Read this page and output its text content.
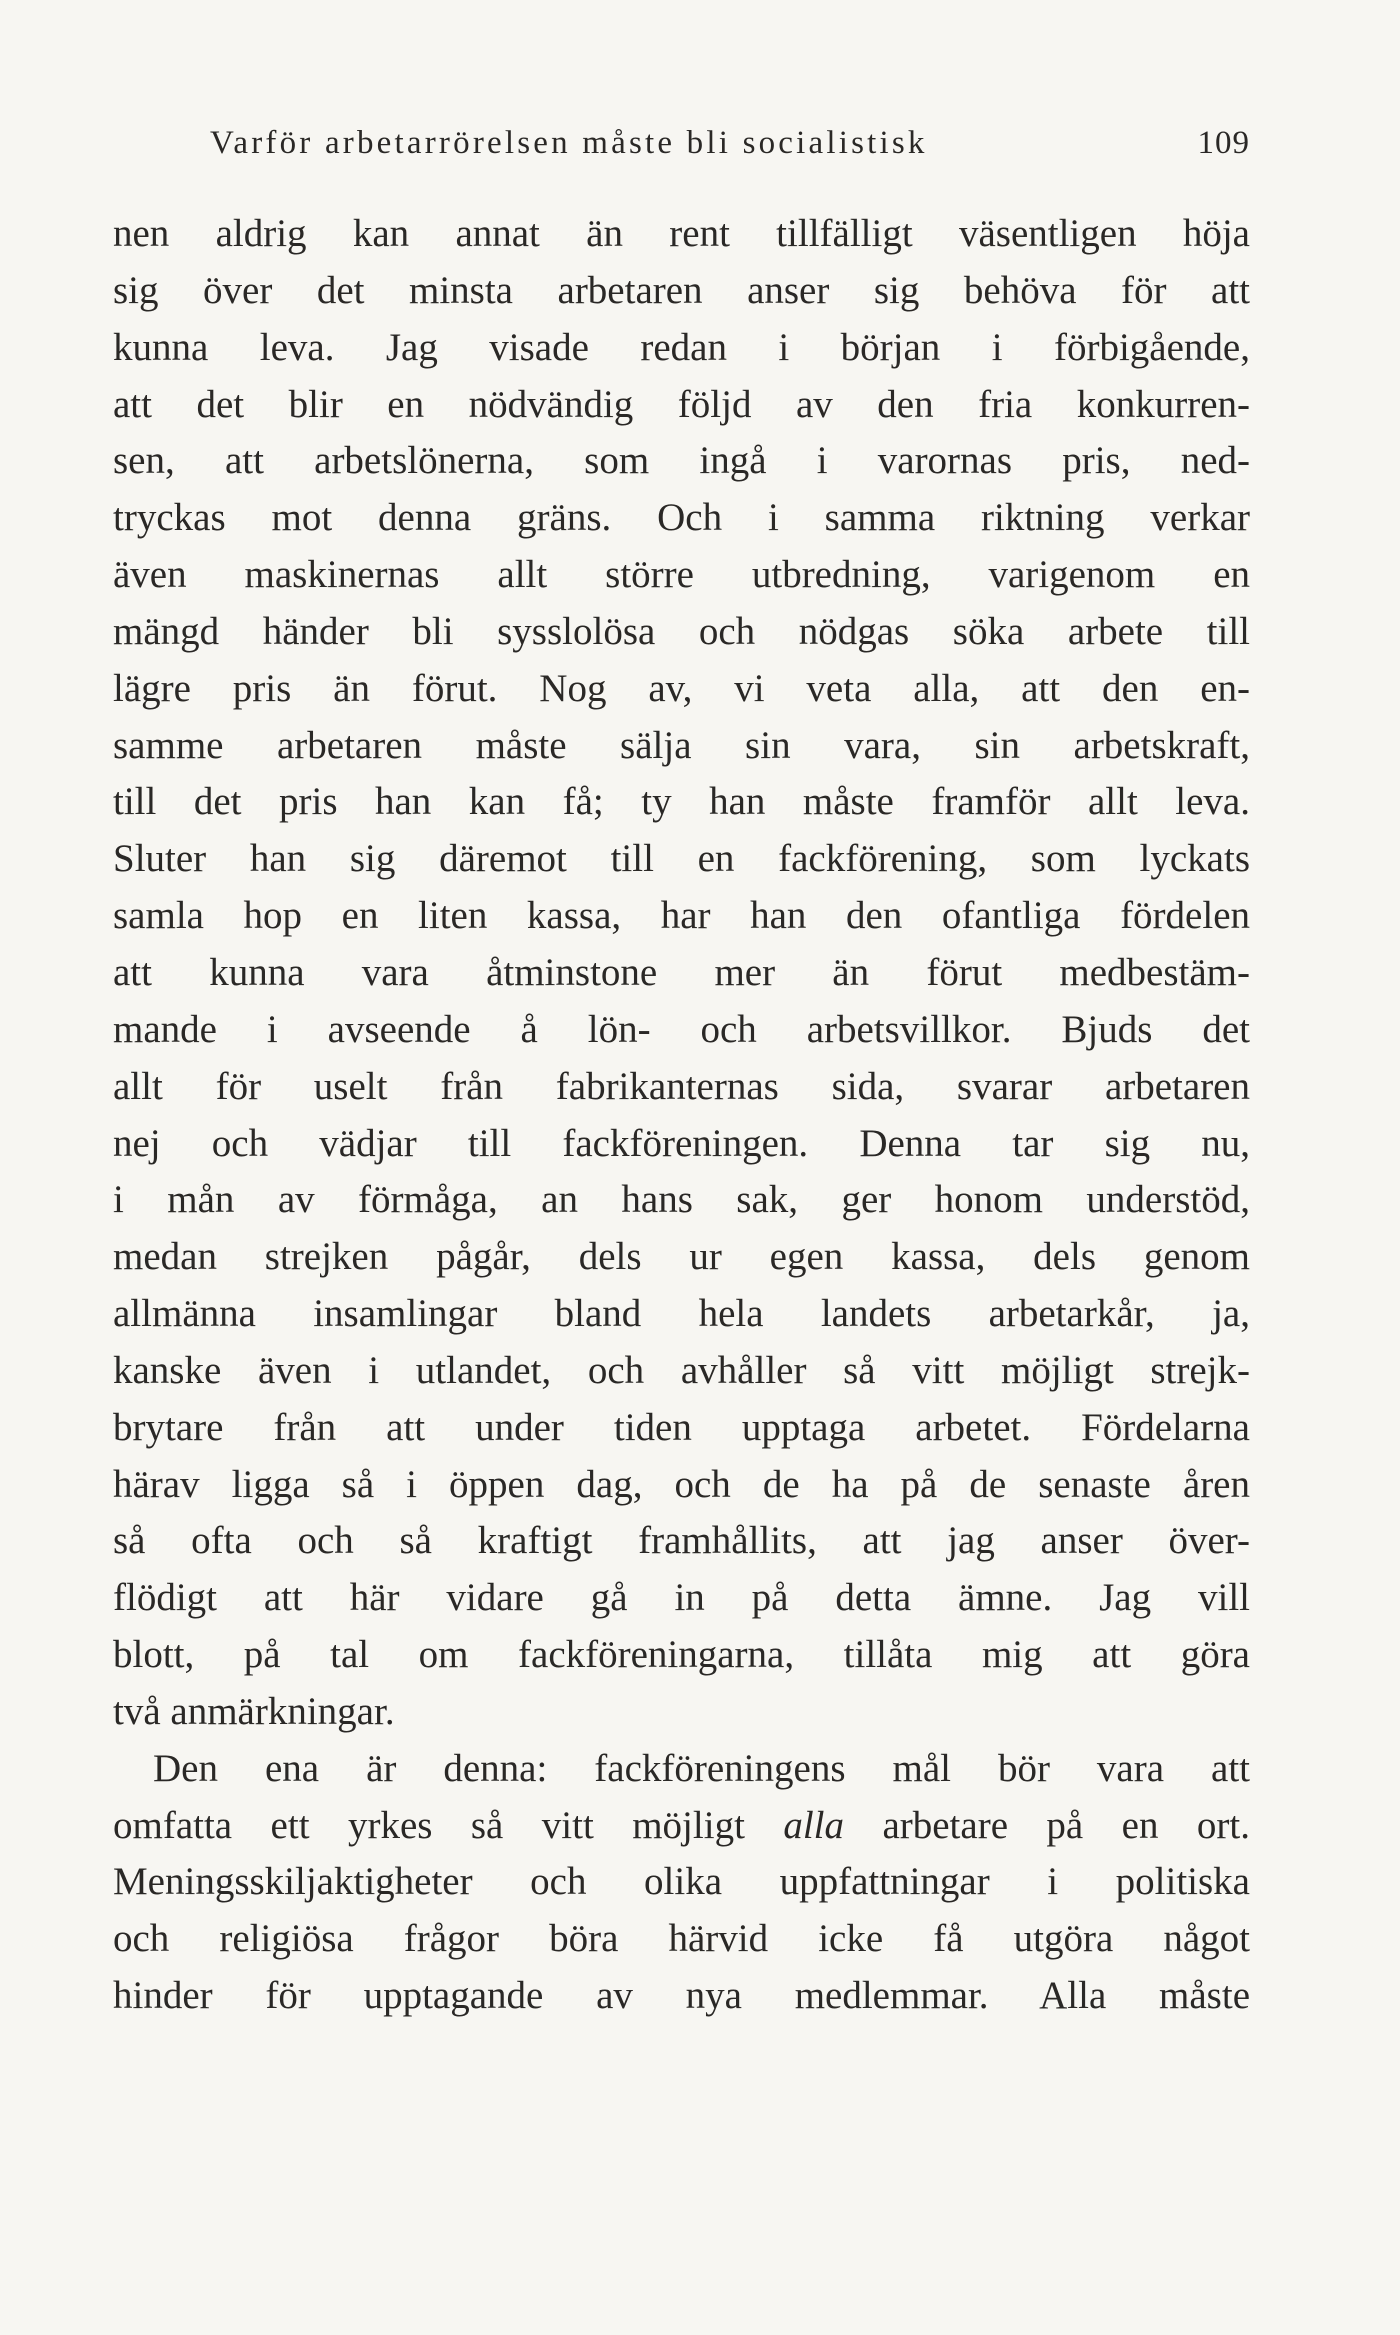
Varför arbetarrörelsen måste bli socialistisk	109
nen aldrig kan annat än rent tillfälligt väsentligen höja
sig över det minsta arbetaren anser sig behöva för att
kunna leva. Jag visade redan i början i förbigående,
att det blir en nödvändig följd av den fria konkurren-
sen, att arbetslönerna, som ingå i varornas pris, ned-
tryckas mot denna gräns. Och i samma riktning verkar
även maskinernas allt större utbredning, varigenom en
mängd händer bli sysslolösa och nödgas söka arbete till
lägre pris än förut. Nog av, vi veta alla, att den en-
samme arbetaren måste sälja sin vara, sin arbetskraft,
till det pris han kan få; ty han måste framför allt leva.
Sluter han sig däremot till en fackförening, som lyckats
samla hop en liten kassa, har han den ofantliga fördelen
att kunna vara åtminstone mer än förut medbestäm-
mande i avseende å lön- och arbetsvillkor. Bjuds det
allt för uselt från fabrikanternas sida, svarar arbetaren
nej och vädjar till fackföreningen. Denna tar sig nu,
i mån av förmåga, an hans sak, ger honom understöd,
medan strejken pågår, dels ur egen kassa, dels genom
allmänna insamlingar bland hela landets arbetarkår, ja,
kanske även i utlandet, och avhåller så vitt möjligt strejk-
brytare från att under tiden upptaga arbetet. Fördelarna
härav ligga så i öppen dag, och de ha på de senaste åren
så ofta och så kraftigt framhållits, att jag anser över-
flödigt att här vidare gå in på detta ämne. Jag vill
blott, på tal om fackföreningarna, tillåta mig att göra
två anmärkningar.
Den ena är denna: fackföreningens mål bör vara att
omfatta ett yrkes så vitt möjligt alla arbetare på en ort.
Meningsskiljaktigheter och olika uppfattningar i politiska
och religiösa frågor böra härvid icke få utgöra något
hinder för upptagande av nya medlemmar. Alla måste
